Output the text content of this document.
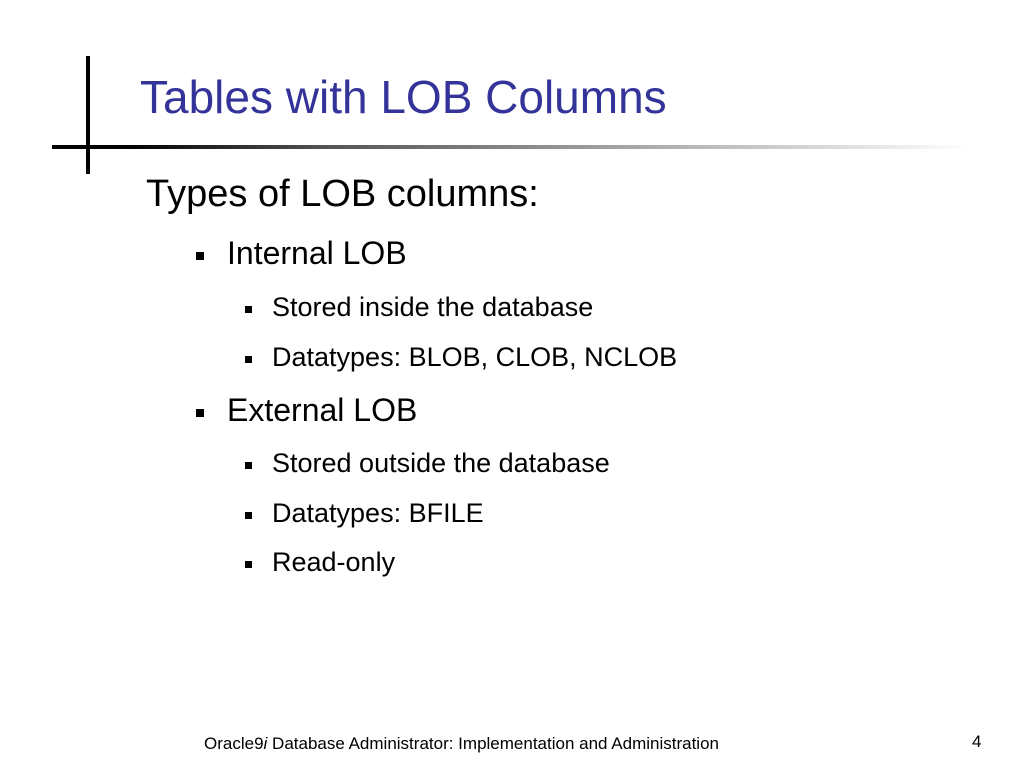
Tables with LOB Columns
Types of LOB columns:
Internal LOB
Stored inside the database
Datatypes: BLOB, CLOB, NCLOB
External LOB
Stored outside the database
Datatypes: BFILE
Read-only
Oracle9i Database Administrator: Implementation and Administration	4
